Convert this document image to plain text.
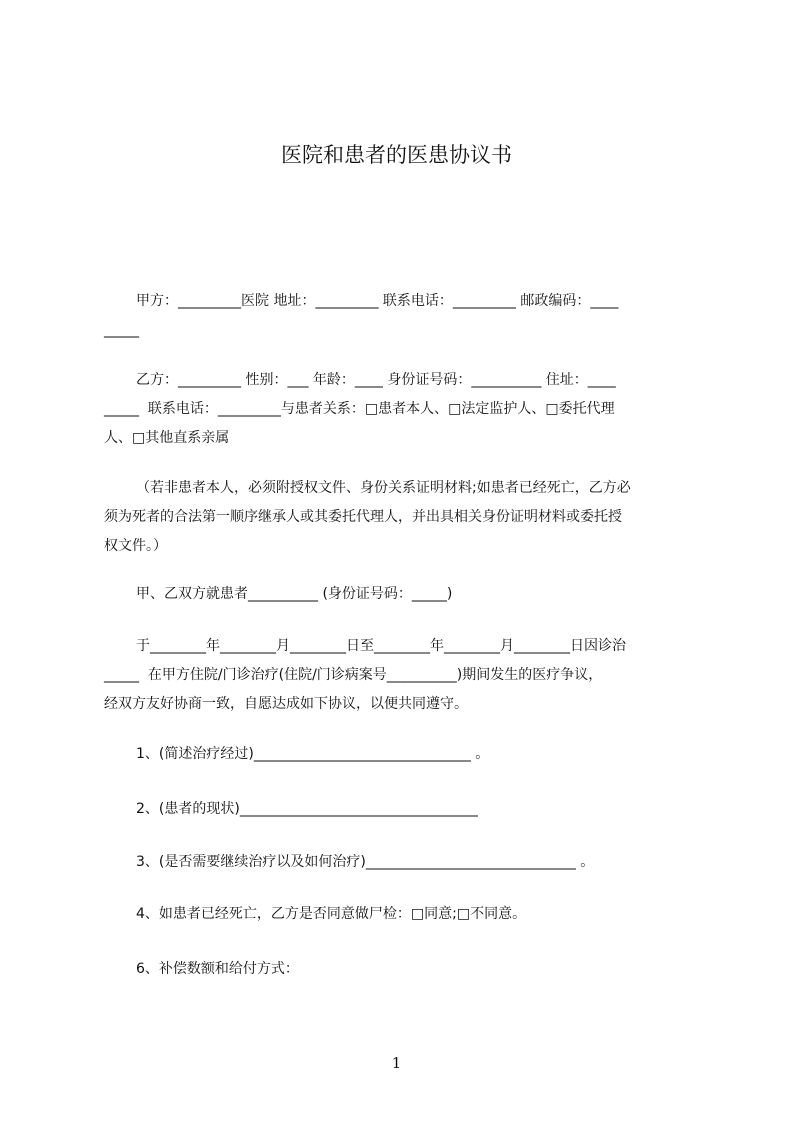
医院和患者的医患协议书
甲方：_________医院 地址：_________ 联系电话：_________ 邮政编码：____
_____
乙方：_________ 性别：___ 年龄：____ 身份证号码：__________ 住址：____
_____  联系电话：_________与患者关系：□患者本人、□法定监护人、□委托代理
人、□其他直系亲属
（若非患者本人，必须附授权文件、身份关系证明材料;如患者已经死亡，乙方必
须为死者的合法第一顺序继承人或其委托代理人，并出具相关身份证明材料或委托授
权文件。）
甲、乙双方就患者__________ (身份证号码：_____)
于________年________月________日至________年________月________日因诊治
_____  在甲方住院/门诊治疗(住院/门诊病案号__________)期间发生的医疗争议，
经双方友好协商一致，自愿达成如下协议，以便共同遵守。
1、(简述治疗经过)_______________________________ 。
2、(患者的现状)__________________________________
3、(是否需要继续治疗以及如何治疗)______________________________ 。
4、如患者已经死亡，乙方是否同意做尸检：□同意;□不同意。
6、补偿数额和给付方式：
1
